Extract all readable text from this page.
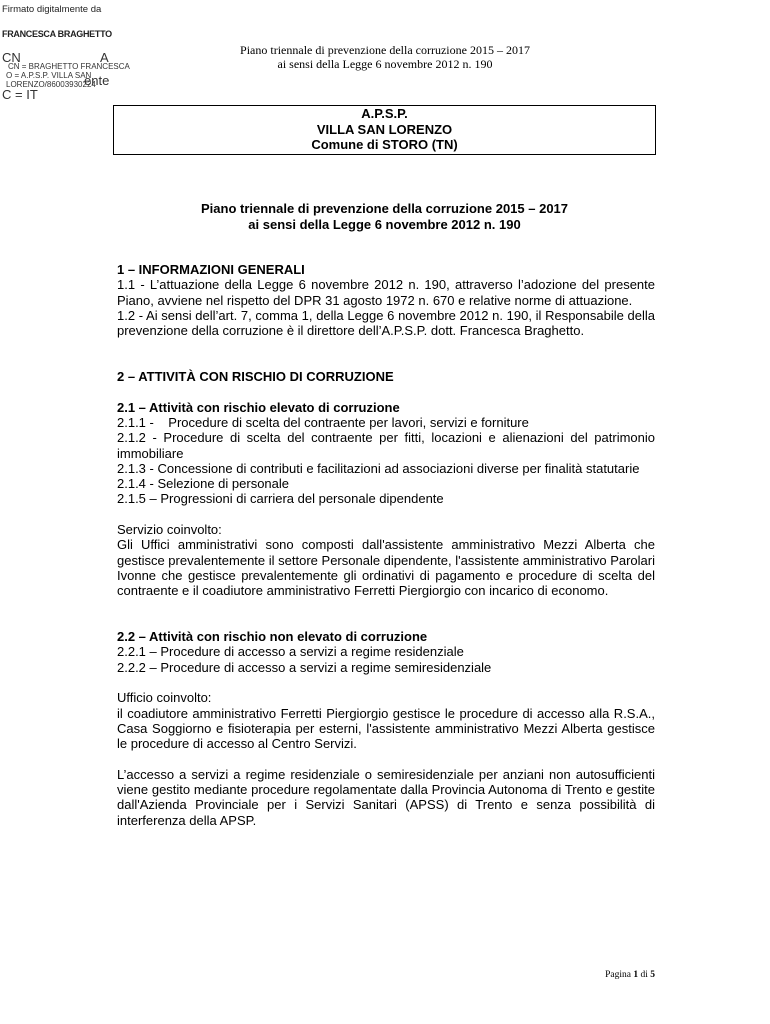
Firmato digitalmente da
FRANCESCA BRAGHETTO
CN	A
CN = BRAGHETTO FRANCESCA
O = A.P.S.P. VILLA SAN LORENZO/86003930224
ente
C = IT
Piano triennale di prevenzione della corruzione 2015 – 2017
ai sensi della Legge 6 novembre 2012 n. 190
A.P.S.P.
VILLA SAN LORENZO
Comune di STORO (TN)
Piano triennale di prevenzione della corruzione 2015 – 2017
ai sensi della Legge 6 novembre 2012 n. 190

1 – INFORMAZIONI GENERALI

1.1 - L’attuazione della Legge 6 novembre 2012 n. 190, attraverso l’adozione del presente Piano, avviene nel rispetto del DPR 31 agosto 1972 n. 670 e relative norme di attuazione.

1.2 - Ai sensi dell’art. 7, comma 1, della Legge 6 novembre 2012 n. 190, il Responsabile della prevenzione della corruzione è il direttore dell’A.P.S.P. dott. Francesca Braghetto.

2 – ATTIVITÀ CON RISCHIO DI CORRUZIONE

2.1 – Attività con rischio elevato di corruzione

2.1.1 -    Procedure di scelta del contraente per lavori, servizi e forniture

2.1.2 - Procedure di scelta del contraente per fitti, locazioni e alienazioni del patrimonio immobiliare

2.1.3 - Concessione di contributi e facilitazioni ad associazioni diverse per finalità statutarie

2.1.4 - Selezione di personale

2.1.5 – Progressioni di carriera del personale dipendente

Servizio coinvolto:

Gli Uffici amministrativi sono composti dall'assistente amministrativo Mezzi Alberta che gestisce prevalentemente il settore Personale dipendente, l'assistente amministrativo Parolari Ivonne che gestisce prevalentemente gli ordinativi di pagamento e procedure di scelta del contraente e il coadiutore amministrativo Ferretti Piergiorgio con incarico di economo.

2.2 – Attività con rischio non elevato di corruzione

2.2.1 – Procedure di accesso a servizi a regime residenziale

2.2.2 – Procedure di accesso a servizi a regime semiresidenziale

Ufficio coinvolto:

il coadiutore amministrativo Ferretti Piergiorgio gestisce le procedure di accesso alla R.S.A., Casa Soggiorno e fisioterapia per esterni, l'assistente amministrativo Mezzi Alberta gestisce le procedure di accesso al Centro Servizi.

L’accesso a servizi a regime residenziale o semiresidenziale per anziani non autosufficienti viene gestito mediante procedure regolamentate dalla Provincia Autonoma di Trento e gestite dall'Azienda Provinciale per i Servizi Sanitari (APSS) di Trento e senza possibilità di interferenza della APSP.

Pagina 1 di 5
